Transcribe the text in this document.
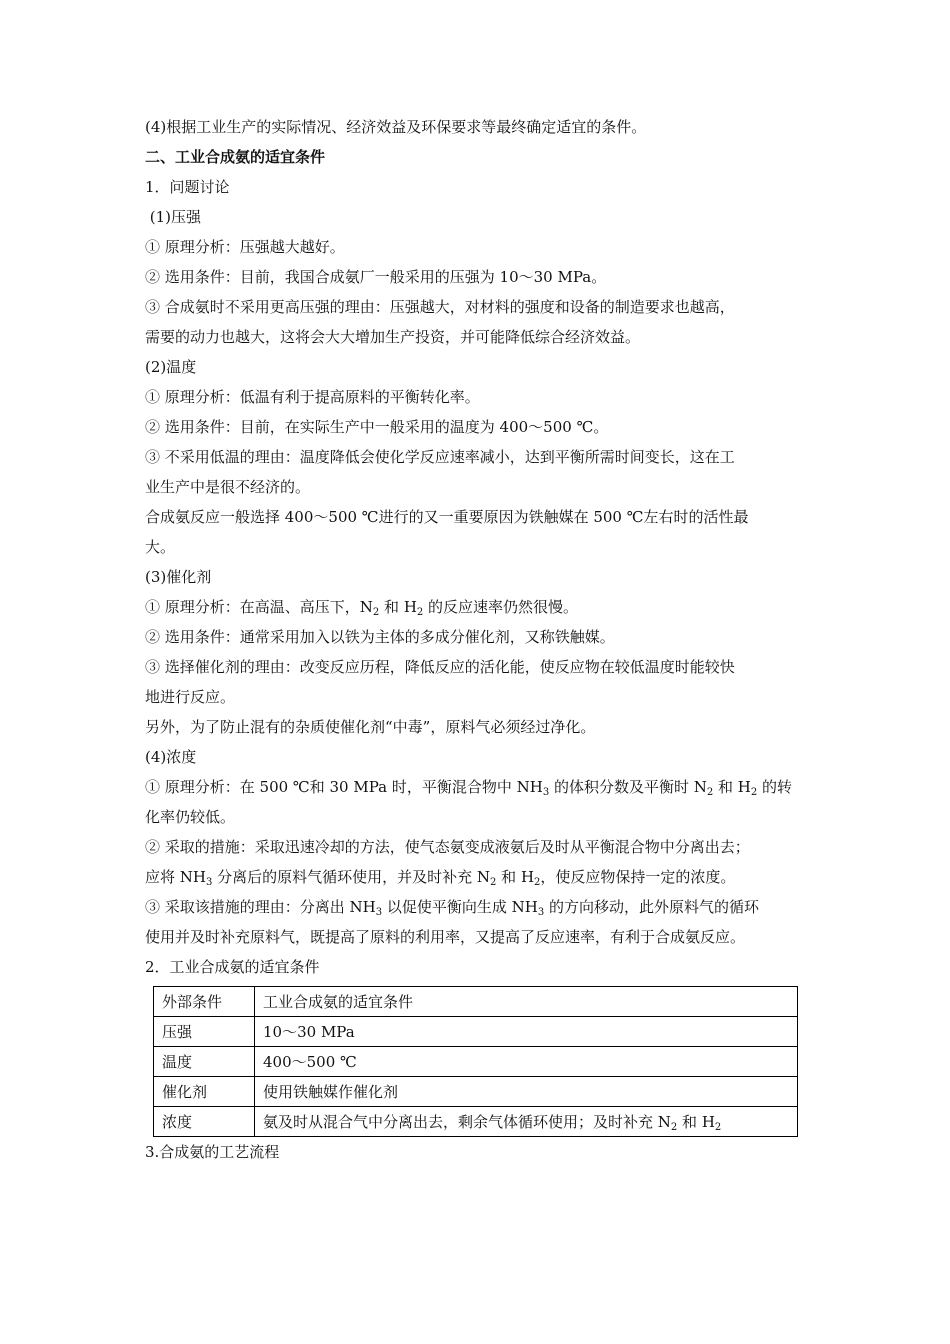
(4)根据工业生产的实际情况、经济效益及环保要求等最终确定适宜的条件。
二、工业合成氨的适宜条件
1．问题讨论
(1)压强
① 原理分析：压强越大越好。
② 选用条件：目前，我国合成氨厂一般采用的压强为 10～30 MPa。
③ 合成氨时不采用更高压强的理由：压强越大，对材料的强度和设备的制造要求也越高，
需要的动力也越大，这将会大大增加生产投资，并可能降低综合经济效益。
(2)温度
① 原理分析：低温有利于提高原料的平衡转化率。
② 选用条件：目前，在实际生产中一般采用的温度为 400～500 ℃。
③ 不采用低温的理由：温度降低会使化学反应速率减小，达到平衡所需时间变长，这在工
业生产中是很不经济的。
合成氨反应一般选择 400～500 ℃进行的又一重要原因为铁触媒在 500 ℃左右时的活性最
大。
(3)催化剂
① 原理分析：在高温、高压下，$N_2$ 和 $H_2$ 的反应速率仍然很慢。
② 选用条件：通常采用加入以铁为主体的多成分催化剂，又称铁触媒。
③ 选择催化剂的理由：改变反应历程，降低反应的活化能，使反应物在较低温度时能较快
地进行反应。
另外，为了防止混有的杂质使催化剂“中毒”，原料气必须经过净化。
(4)浓度
① 原理分析：在 500 ℃和 30 MPa 时，平衡混合物中 $NH_3$ 的体积分数及平衡时 $N_2$ 和 $H_2$ 的转
化率仍较低。
② 采取的措施：采取迅速冷却的方法，使气态氨变成液氨后及时从平衡混合物中分离出去；
应将 $NH_3$ 分离后的原料气循环使用，并及时补充 $N_2$ 和 $H_2$，使反应物保持一定的浓度。
③ 采取该措施的理由：分离出 $NH_3$ 以促使平衡向生成 $NH_3$ 的方向移动，此外原料气的循环
使用并及时补充原料气，既提高了原料的利用率，又提高了反应速率，有利于合成氨反应。
2．工业合成氨的适宜条件
外部条件	工业合成氨的适宜条件
压强	10～30 MPa
温度	400～500 ℃
催化剂	使用铁触媒作催化剂
浓度	氨及时从混合气中分离出去，剩余气体循环使用；及时补充 $N_2$ 和 $H_2$
3.合成氨的工艺流程
